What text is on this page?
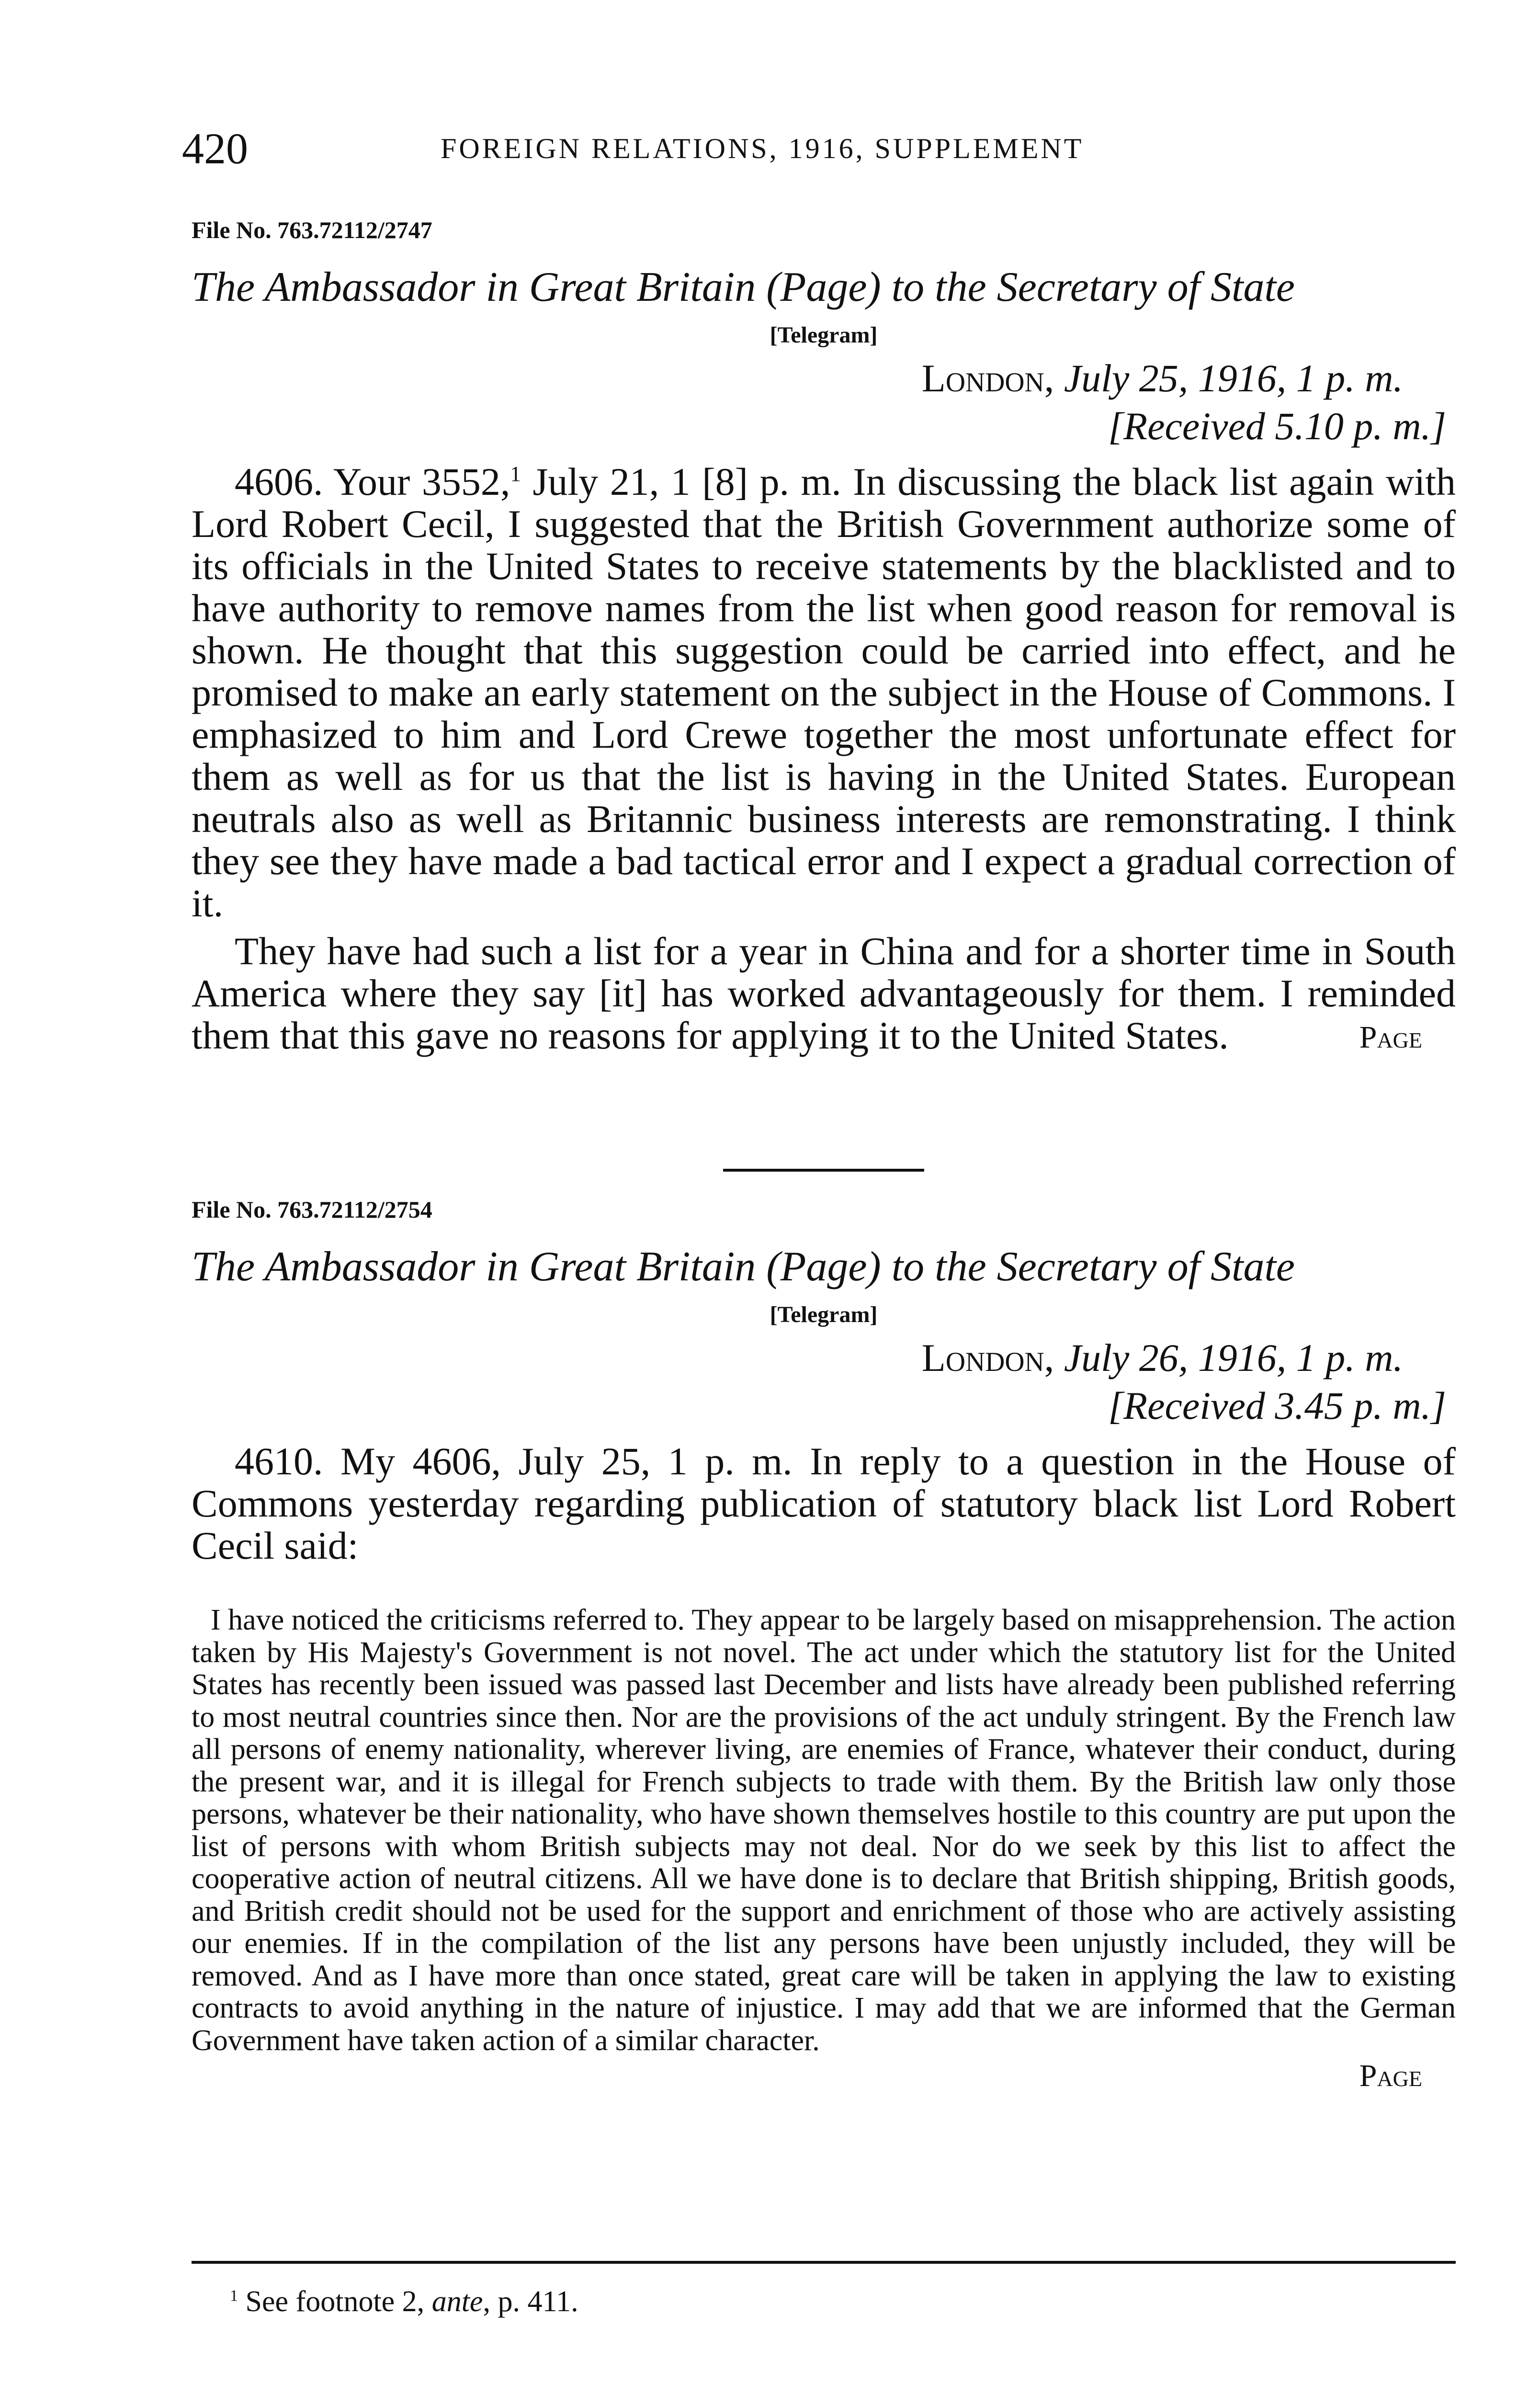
420	FOREIGN RELATIONS, 1916, SUPPLEMENT
File No. 763.72112/2747
The Ambassador in Great Britain (Page) to the Secretary of State
[Telegram]
London, July 25, 1916, 1 p. m.
[Received 5.10 p. m.]

4606. Your 3552,$^1$ July 21, 1 [8] p. m. In discussing the black list again with Lord Robert Cecil, I suggested that the British Government authorize some of its officials in the United States to receive statements by the blacklisted and to have authority to remove names from the list when good reason for removal is shown. He thought that this suggestion could be carried into effect, and he promised to make an early statement on the subject in the House of Commons. I emphasized to him and Lord Crewe together the most unfortunate effect for them as well as for us that the list is having in the United States. European neutrals also as well as Britannic business interests are remonstrating. I think they see they have made a bad tactical error and I expect a gradual correction of it.

They have had such a list for a year in China and for a shorter time in South America where they say [it] has worked advantageously for them. I reminded them that this gave no reasons for applying it to the United States.	Page
File No. 763.72112/2754
The Ambassador in Great Britain (Page) to the Secretary of State
[Telegram]
London, July 26, 1916, 1 p. m.
[Received 3.45 p. m.]

4610. My 4606, July 25, 1 p. m. In reply to a question in the House of Commons yesterday regarding publication of statutory black list Lord Robert Cecil said:

I have noticed the criticisms referred to. They appear to be largely based on misapprehension. The action taken by His Majesty's Government is not novel. The act under which the statutory list for the United States has recently been issued was passed last December and lists have already been published referring to most neutral countries since then. Nor are the provisions of the act unduly stringent. By the French law all persons of enemy nationality, wherever living, are enemies of France, whatever their conduct, during the present war, and it is illegal for French subjects to trade with them. By the British law only those persons, whatever be their nationality, who have shown themselves hostile to this country are put upon the list of persons with whom British subjects may not deal. Nor do we seek by this list to affect the cooperative action of neutral citizens. All we have done is to declare that British shipping, British goods, and British credit should not be used for the support and enrichment of those who are actively assisting our enemies. If in the compilation of the list any persons have been unjustly included, they will be removed. And as I have more than once stated, great care will be taken in applying the law to existing contracts to avoid anything in the nature of injustice. I may add that we are informed that the German Government have taken action of a similar character.

Page
$^1$ See footnote 2, ante, p. 411.
